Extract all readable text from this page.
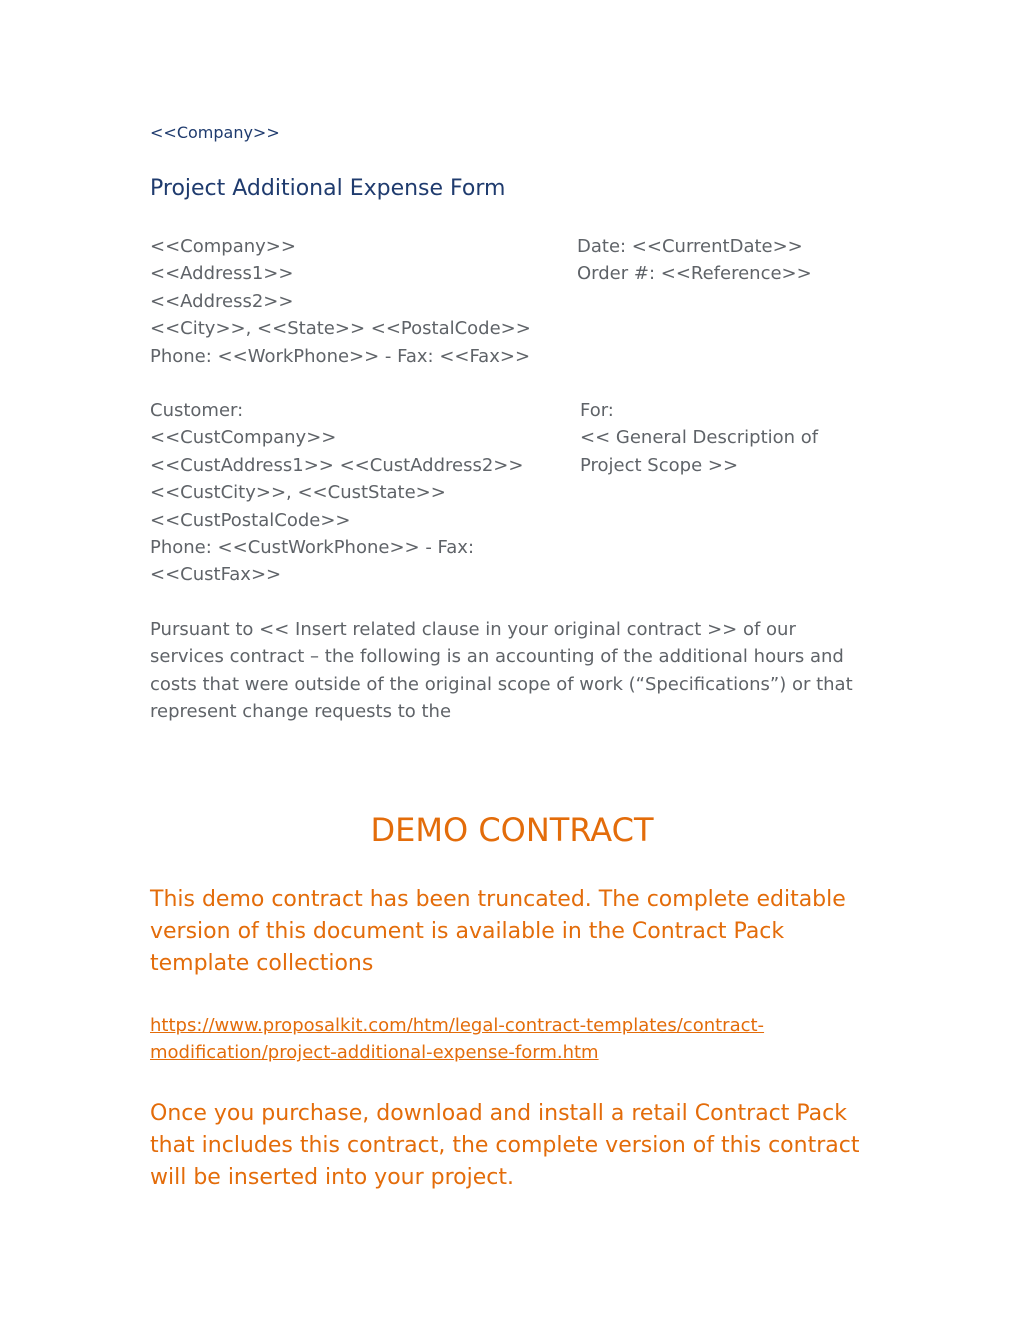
<<Company>>
Project Additional Expense Form
<<Company>>
<<Address1>>
<<Address2>>
<<City>>, <<State>> <<PostalCode>>
Phone: <<WorkPhone>> - Fax: <<Fax>>
Date: <<CurrentDate>>
Order #: <<Reference>>
Customer:
<<CustCompany>>
<<CustAddress1>> <<CustAddress2>>
<<CustCity>>, <<CustState>>
<<CustPostalCode>>
Phone: <<CustWorkPhone>> - Fax:
<<CustFax>>
For:
<< General Description of
Project Scope >>

Pursuant to << Insert related clause in your original contract >> of our services contract – the following is an accounting of the additional hours and costs that were outside of the original scope of work (“Specifications”) or that represent change requests to the

DEMO CONTRACT

This demo contract has been truncated. The complete editable version of this document is available in the Contract Pack template collections

https://www.proposalkit.com/htm/legal-contract-templates/contract-
modification/project-additional-expense-form.htm

Once you purchase, download and install a retail Contract Pack that includes this contract, the complete version of this contract will be inserted into your project.
